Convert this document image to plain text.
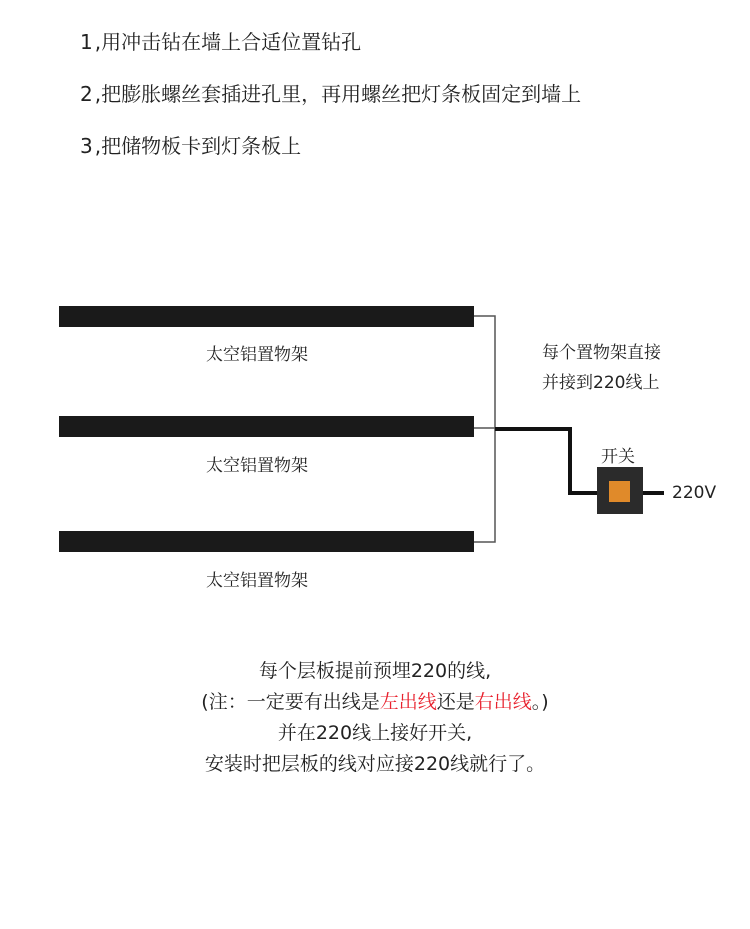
1 ,用冲击钻在墙上合适位置钻孔
2 ,把膨胀螺丝套插进孔里，再用螺丝把灯条板固定到墙上
3 ,把储物板卡到灯条板上
太空铝置物架
太空铝置物架
太空铝置物架
每个置物架直接
并接到220线上
开关
220V
每个层板提前预埋220的线,
(注：一定要有出线是左出线还是右出线。)
并在220线上接好开关,
安装时把层板的线对应接220线就行了。
